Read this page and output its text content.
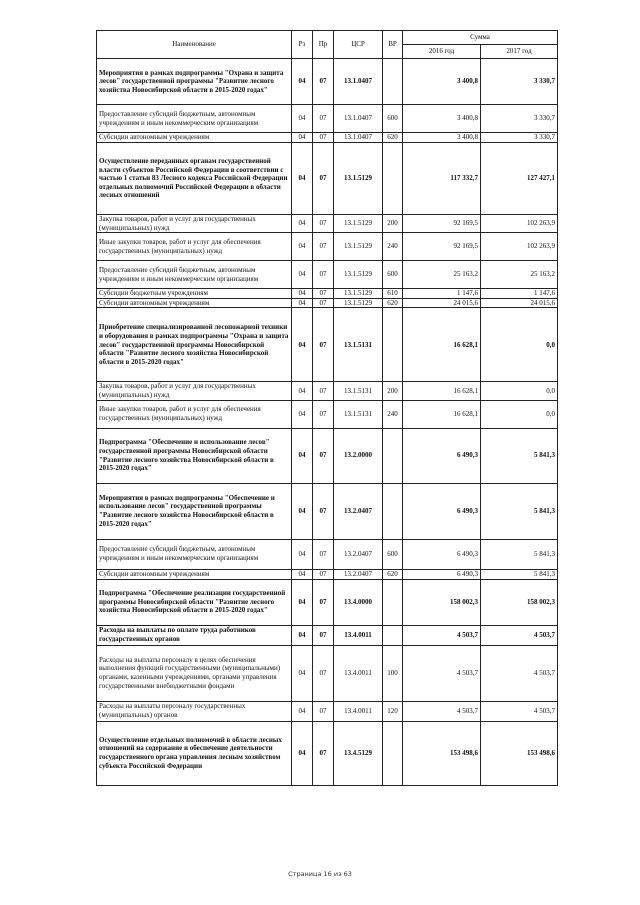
Наименование	Рз	Пр	ЦСР	ВР	Сумма	
					2016 год	2017 год
Мероприятия в рамках подпрограммы "Охрана и защита лесов" государственной программы "Развитие лесного хозяйства Новосибирской области в 2015-2020 годах"	04	07	13.1.0407		3 400,8	3 330,7
Предоставление субсидий бюджетным, автономным учреждениям и иным некоммерческим организациям	04	07	13.1.0407	600	3 400,8	3 330,7
Субсидии автономным учреждениям	04	07	13.1.0407	620	3 400,8	3 330,7
Осуществление переданных органам государственной власти субъектов Российской Федерации в соответствии с частью 1 статьи 83 Лесного кодекса Российской Федерации отдельных полномочий Российской Федерации в области лесных отношений	04	07	13.1.5129		117 332,7	127 427,1
Закупка товаров, работ и услуг для государственных (муниципальных) нужд	04	07	13.1.5129	200	92 169,5	102 263,9
Иные закупки товаров, работ и услуг для обеспечения государственных (муниципальных) нужд	04	07	13.1.5129	240	92 169,5	102 263,9
Предоставление субсидий бюджетным, автономным учреждениям и иным некоммерческим организациям	04	07	13.1.5129	600	25 163,2	25 163,2
Субсидии бюджетным учреждениям	04	07	13.1.5129	610	1 147,6	1 147,6
Субсидии автономным учреждениям	04	07	13.1.5129	620	24 015,6	24 015,6
Приобретение специализированной лесопожарной техники и оборудования в рамках подпрограммы "Охрана и защита лесов" государственной программы Новосибирской области "Развитие лесного хозяйства Новосибирской области в 2015-2020 годах"	04	07	13.1.5131		16 628,1	0,0
Закупка товаров, работ и услуг для государственных (муниципальных) нужд	04	07	13.1.5131	200	16 628,1	0,0
Иные закупки товаров, работ и услуг для обеспечения государственных (муниципальных) нужд	04	07	13.1.5131	240	16 628,1	0,0
Подпрограмма "Обеспечение и использование лесов" государственной программы Новосибирской области "Развитие лесного хозяйства Новосибирской области в 2015-2020 годах"	04	07	13.2.0000		6 490,3	5 841,3
Мероприятия в рамках подпрограммы "Обеспечение и использование лесов" государственной программы "Развитие лесного хозяйства Новосибирской области в 2015-2020 годах"	04	07	13.2.0407		6 490,3	5 841,3
Предоставление субсидий бюджетным, автономным учреждениям и иным некоммерческим организациям	04	07	13.2.0407	600	6 490,3	5 841,3
Субсидии автономным учреждениям	04	07	13.2.0407	620	6 490,3	5 841,3
Подпрограмма "Обеспечение реализации государственной программы Новосибирской области "Развитие лесного хозяйства Новосибирской области в 2015-2020 годах"	04	07	13.4.0000		158 002,3	158 002,3
Расходы на выплаты по оплате труда работников государственных органов	04	07	13.4.0011		4 503,7	4 503,7
Расходы на выплаты персоналу в целях обеспечения выполнения функций государственными (муниципальными) органами, казенными учреждениями, органами управления государственными внебюджетными фондами	04	07	13.4.0011	100	4 503,7	4 503,7
Расходы на выплаты персоналу государственных (муниципальных) органов	04	07	13.4.0011	120	4 503,7	4 503,7
Осуществление отдельных полномочий в области лесных отношений на содержание и обеспечение деятельности государственного органа управления лесным хозяйством субъекта Российской Федерации	04	07	13.4.5129		153 498,6	153 498,6
Страница 16 из 63
